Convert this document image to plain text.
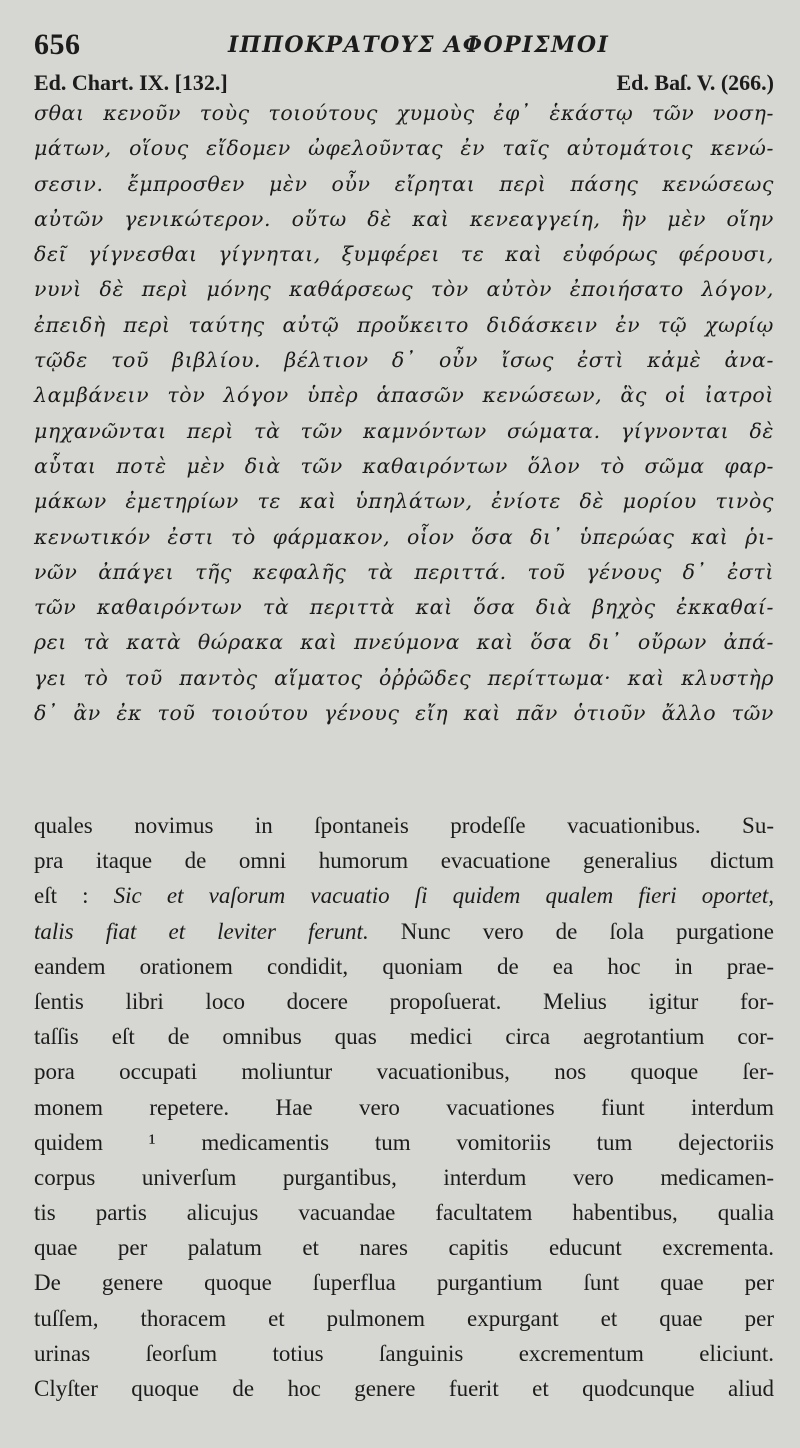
656	ΙΠΠΟΚΡΑΤΟΥΣ ΑΦΟΡΙΣΜΟΙ
Ed. Chart. IX. [132.]	Ed. Baſ. V. (266.)
σθαι κενοῦν τοὺς τοιούτους χυμοὺς ἐφ᾽ ἑκάστῳ τῶν νοση-
μάτων, οἵους εἴδομεν ὠφελοῦντας ἐν ταῖς αὐτομάτοις κενώ-
σεσιν. ἔμπροσθεν μὲν οὖν εἴρηται περὶ πάσης κενώσεως
αὐτῶν γενικώτερον. οὕτω δὲ καὶ κενεαγγείη, ἣν μὲν οἵην
δεῖ γίγνεσθαι γίγνηται, ξυμφέρει τε καὶ εὐφόρως φέρουσι,
νυνὶ δὲ περὶ μόνης καθάρσεως τὸν αὐτὸν ἐποιήσατο λόγον,
ἐπειδὴ περὶ ταύτης αὐτῷ προὔκειτο διδάσκειν ἐν τῷ χωρίῳ
τῷδε τοῦ βιβλίου. βέλτιον δ᾽ οὖν ἴσως ἐστὶ κἀμὲ ἀνα-
λαμβάνειν τὸν λόγον ὑπὲρ ἁπασῶν κενώσεων, ἃς οἱ ἰατροὶ
μηχανῶνται περὶ τὰ τῶν καμνόντων σώματα. γίγνονται δὲ
αὗται ποτὲ μὲν διὰ τῶν καθαιρόντων ὅλον τὸ σῶμα φαρ-
μάκων ἐμετηρίων τε καὶ ὑπηλάτων, ἐνίοτε δὲ μορίου τινὸς
κενωτικόν ἐστι τὸ φάρμακον, οἷον ὅσα δι᾽ ὑπερώας καὶ ῥι-
νῶν ἀπάγει τῆς κεφαλῆς τὰ περιττά. τοῦ γένους δ᾽ ἐστὶ
τῶν καθαιρόντων τὰ περιττὰ καὶ ὅσα διὰ βηχὸς ἐκκαθαί-
ρει τὰ κατὰ θώρακα καὶ πνεύμονα καὶ ὅσα δι᾽ οὔρων ἀπά-
γει τὸ τοῦ παντὸς αἵματος ὀῤῥῶδες περίττωμα· καὶ κλυστὴρ
δ᾽ ἂν ἐκ τοῦ τοιούτου γένους εἴη καὶ πᾶν ὁτιοῦν ἄλλο τῶν
quales novimus in ſpontaneis prodeſſe vacuationibus. Su-
pra itaque de omni humorum evacuatione generalius dictum
eſt : Sic et vaſorum vacuatio ſi quidem qualem fieri oportet,
talis fiat et leviter ferunt. Nunc vero de ſola purgatione
eandem orationem condidit, quoniam de ea hoc in prae-
ſentis libri loco docere propoſuerat. Melius igitur for-
taſſis eſt de omnibus quas medici circa aegrotantium cor-
pora occupati moliuntur vacuationibus, nos quoque ſer-
monem repetere. Hae vero vacuationes fiunt interdum
quidem ¹ medicamentis tum vomitoriis tum dejectoriis
corpus univerſum purgantibus, interdum vero medicamen-
tis partis alicujus vacuandae facultatem habentibus, qualia
quae per palatum et nares capitis educunt excrementa.
De genere quoque ſuperflua purgantium ſunt quae per
tuſſem, thoracem et pulmonem expurgant et quae per
urinas ſeorſum totius ſanguinis excrementum eliciunt.
Clyſter quoque de hoc genere fuerit et quodcunque aliud
